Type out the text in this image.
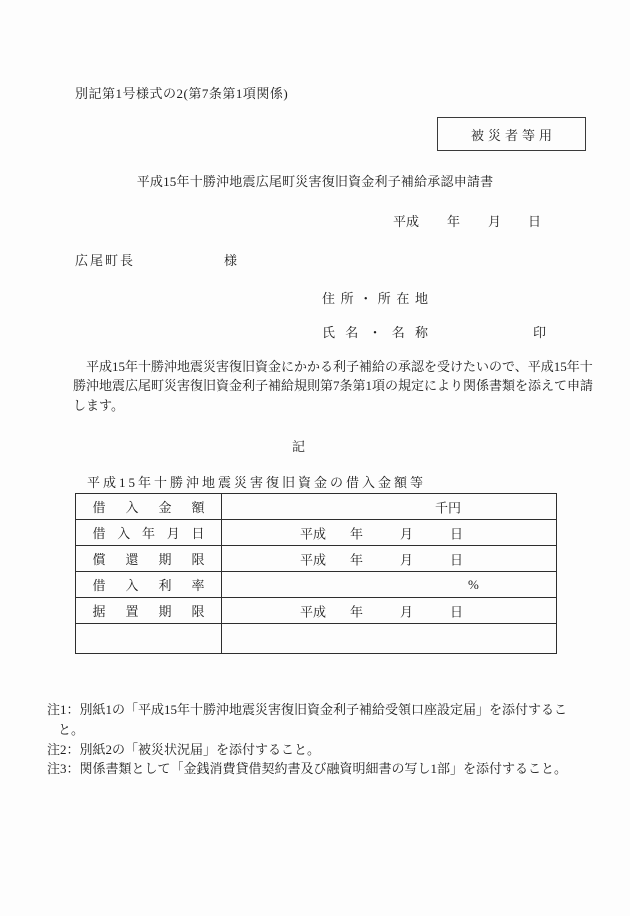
別記第1号様式の2(第7条第1項関係)
被災者等用
平成15年十勝沖地震広尾町災害復旧資金利子補給承認申請書
平成 年 月 日
広尾町長	様
住所・所在地
氏名・名称	印
　平成15年十勝沖地震災害復旧資金にかかる利子補給の承認を受けたいので、平成15年十
勝沖地震広尾町災害復旧資金利子補給規則第7条第1項の規定により関係書類を添えて申請
します。
記
平成15年十勝沖地震災害復旧資金の借入金額等
借入金額	千円
借入年月日	平成 年	月	日
償還期限	平成 年	月	日
借入利率	%
据置期限	平成 年	月	日
注1：別紙1の「平成15年十勝沖地震災害復旧資金利子補給受領口座設定届」を添付するこ
と。
注2：別紙2の「被災状況届」を添付すること。
注3：関係書類として「金銭消費貸借契約書及び融資明細書の写し1部」を添付すること。
